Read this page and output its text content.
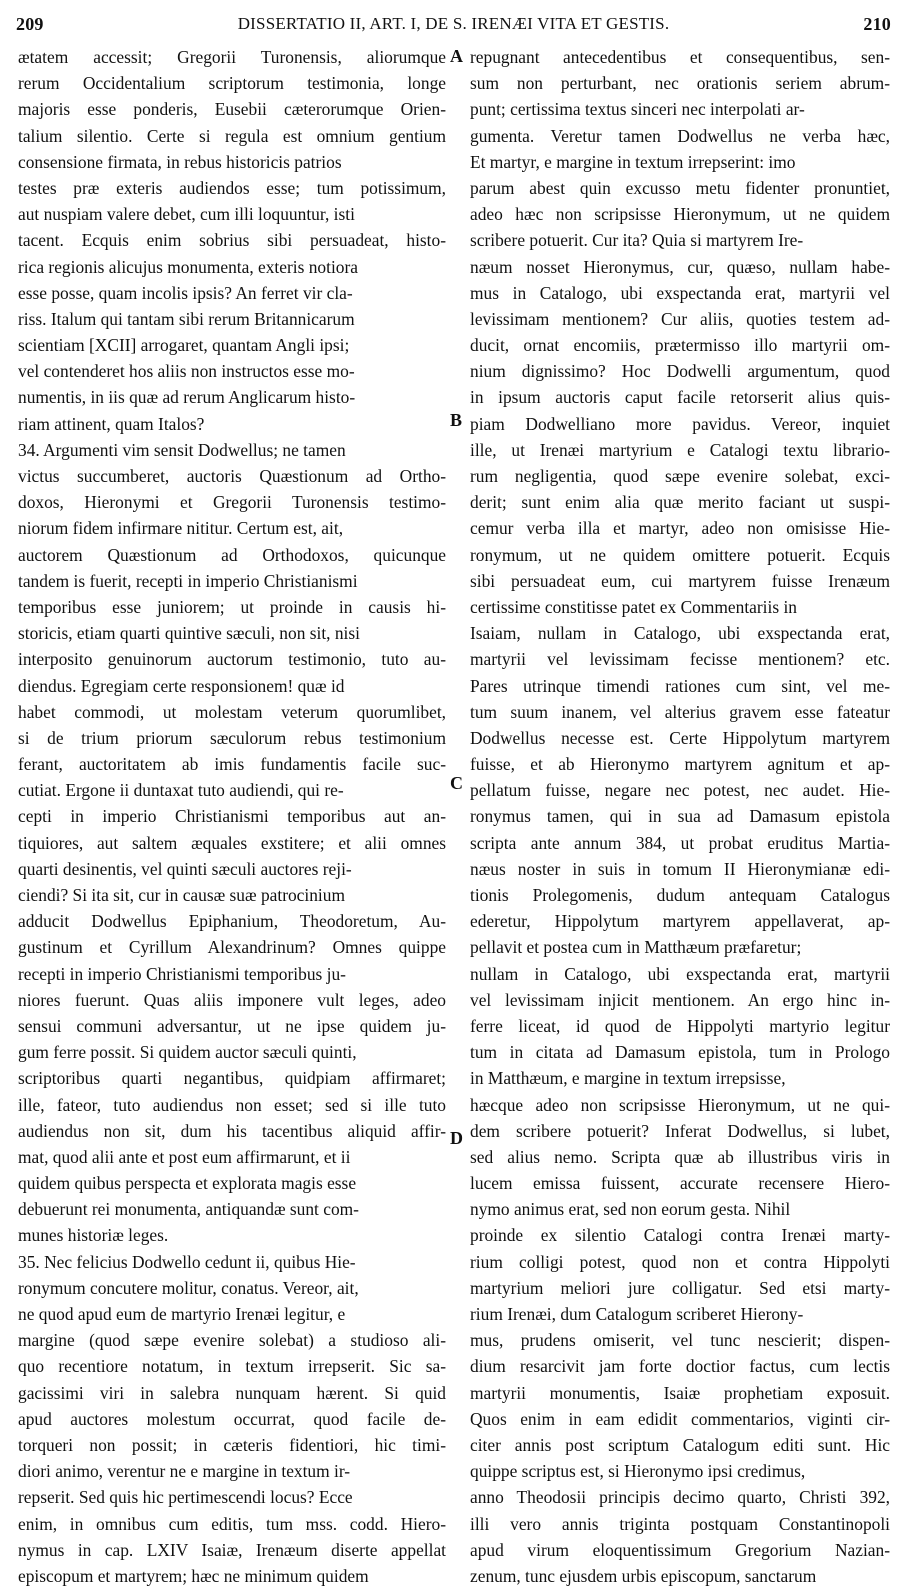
209	DISSERTATIO II, ART. I, DE S. IRENÆI VITA ET GESTIS.	210
ætatem accessit; Gregorii Turonensis, aliorumque
rerum Occidentalium scriptorum testimonia, longe
majoris esse ponderis, Eusebii cæterorumque Orien-
talium silentio. Certe si regula est omnium gentium
consensione firmata, in rebus historicis patrios
testes præ exteris audiendos esse; tum potissimum,
aut nuspiam valere debet, cum illi loquuntur, isti
tacent. Ecquis enim sobrius sibi persuadeat, histo-
rica regionis alicujus monumenta, exteris notiora
esse posse, quam incolis ipsis? An ferret vir cla-
riss. Italum qui tantam sibi rerum Britannicarum
scientiam [XCII] arrogaret, quantam Angli ipsi;
vel contenderet hos aliis non instructos esse mo-
numentis, in iis quæ ad rerum Anglicarum histo-
riam attinent, quam Italos?
34. Argumenti vim sensit Dodwellus; ne tamen
victus succumberet, auctoris Quæstionum ad Ortho-
doxos, Hieronymi et Gregorii Turonensis testimo-
niorum fidem infirmare nititur. Certum est, ait,
auctorem Quæstionum ad Orthodoxos, quicunque
tandem is fuerit, recepti in imperio Christianismi
temporibus esse juniorem; ut proinde in causis hi-
storicis, etiam quarti quintive sæculi, non sit, nisi
interposito genuinorum auctorum testimonio, tuto au-
diendus. Egregiam certe responsionem! quæ id
habet commodi, ut molestam veterum quorumlibet,
si de trium priorum sæculorum rebus testimonium
ferant, auctoritatem ab imis fundamentis facile suc-
cutiat. Ergone ii duntaxat tuto audiendi, qui re-
cepti in imperio Christianismi temporibus aut an-
tiquiores, aut saltem æquales exstitere; et alii omnes
quarti desinentis, vel quinti sæculi auctores reji-
ciendi? Si ita sit, cur in causæ suæ patrocinium
adducit Dodwellus Epiphanium, Theodoretum, Au-
gustinum et Cyrillum Alexandrinum? Omnes quippe
recepti in imperio Christianismi temporibus ju-
niores fuerunt. Quas aliis imponere vult leges, adeo
sensui communi adversantur, ut ne ipse quidem ju-
gum ferre possit. Si quidem auctor sæculi quinti,
scriptoribus quarti negantibus, quidpiam affirmaret;
ille, fateor, tuto audiendus non esset; sed si ille tuto
audiendus non sit, dum his tacentibus aliquid affir-
mat, quod alii ante et post eum affirmarunt, et ii
quidem quibus perspecta et explorata magis esse
debuerunt rei monumenta, antiquandæ sunt com-
munes historiæ leges.
35. Nec felicius Dodwello cedunt ii, quibus Hie-
ronymum concutere molitur, conatus. Vereor, ait,
ne quod apud eum de martyrio Irenæi legitur, e
margine (quod sæpe evenire solebat) a studioso ali-
quo recentiore notatum, in textum irrepserit. Sic sa-
gacissimi viri in salebra nunquam hærent. Si quid
apud auctores molestum occurrat, quod facile de-
torqueri non possit; in cæteris fidentiori, hic timi-
diori animo, verentur ne e margine in textum ir-
repserit. Sed quis hic pertimescendi locus? Ecce
enim, in omnibus cum editis, tum mss. codd. Hiero-
nymus in cap. LXIV Isaiæ, Irenæum diserte appellat
episcopum et martyrem; hæc ne minimum quidem
repugnant antecedentibus et consequentibus, sen-
sum non perturbant, nec orationis seriem abrum-
punt; certissima textus sinceri nec interpolati ar-
gumenta. Veretur tamen Dodwellus ne verba hæc,
Et martyr, e margine in textum irrepserint: imo
parum abest quin excusso metu fidenter pronuntiet,
adeo hæc non scripsisse Hieronymum, ut ne quidem
scribere potuerit. Cur ita? Quia si martyrem Ire-
næum nosset Hieronymus, cur, quæso, nullam habe-
mus in Catalogo, ubi exspectanda erat, martyrii vel
levissimam mentionem? Cur aliis, quoties testem ad-
ducit, ornat encomiis, prætermisso illo martyrii om-
nium dignissimo? Hoc Dodwelli argumentum, quod
in ipsum auctoris caput facile retorserit alius quis-
piam Dodwelliano more pavidus. Vereor, inquiet
ille, ut Irenæi martyrium e Catalogi textu librario-
rum negligentia, quod sæpe evenire solebat, exci-
derit; sunt enim alia quæ merito faciant ut suspi-
cemur verba illa et martyr, adeo non omisisse Hie-
ronymum, ut ne quidem omittere potuerit. Ecquis
sibi persuadeat eum, cui martyrem fuisse Irenæum
certissime constitisse patet ex Commentariis in
Isaiam, nullam in Catalogo, ubi exspectanda erat,
martyrii vel levissimam fecisse mentionem? etc.
Pares utrinque timendi rationes cum sint, vel me-
tum suum inanem, vel alterius gravem esse fateatur
Dodwellus necesse est. Certe Hippolytum martyrem
fuisse, et ab Hieronymo martyrem agnitum et ap-
pellatum fuisse, negare nec potest, nec audet. Hie-
ronymus tamen, qui in sua ad Damasum epistola
scripta ante annum 384, ut probat eruditus Martia-
næus noster in suis in tomum II Hieronymianæ edi-
tionis Prolegomenis, dudum antequam Catalogus
ederetur, Hippolytum martyrem appellaverat, ap-
pellavit et postea cum in Matthæum præfaretur;
nullam in Catalogo, ubi exspectanda erat, martyrii
vel levissimam injicit mentionem. An ergo hinc in-
ferre liceat, id quod de Hippolyti martyrio legitur
tum in citata ad Damasum epistola, tum in Prologo
in Matthæum, e margine in textum irrepsisse,
hæcque adeo non scripsisse Hieronymum, ut ne qui-
dem scribere potuerit? Inferat Dodwellus, si lubet,
sed alius nemo. Scripta quæ ab illustribus viris in
lucem emissa fuissent, accurate recensere Hiero-
nymo animus erat, sed non eorum gesta. Nihil
proinde ex silentio Catalogi contra Irenæi marty-
rium colligi potest, quod non et contra Hippolyti
martyrium meliori jure colligatur. Sed etsi marty-
rium Irenæi, dum Catalogum scriberet Hierony-
mus, prudens omiserit, vel tunc nescierit; dispen-
dium resarcivit jam forte doctior factus, cum lectis
martyrii monumentis, Isaiæ prophetiam exposuit.
Quos enim in eam edidit commentarios, viginti cir-
citer annis post scriptum Catalogum editi sunt. Hic
quippe scriptus est, si Hieronymo ipsi credimus,
anno Theodosii principis decimo quarto, Christi 392,
illi vero annis triginta postquam Constantinopoli
apud virum eloquentissimum Gregorium Nazian-
zenum, tunc ejusdem urbis episcopum, sanctarum
A
B
C
D
